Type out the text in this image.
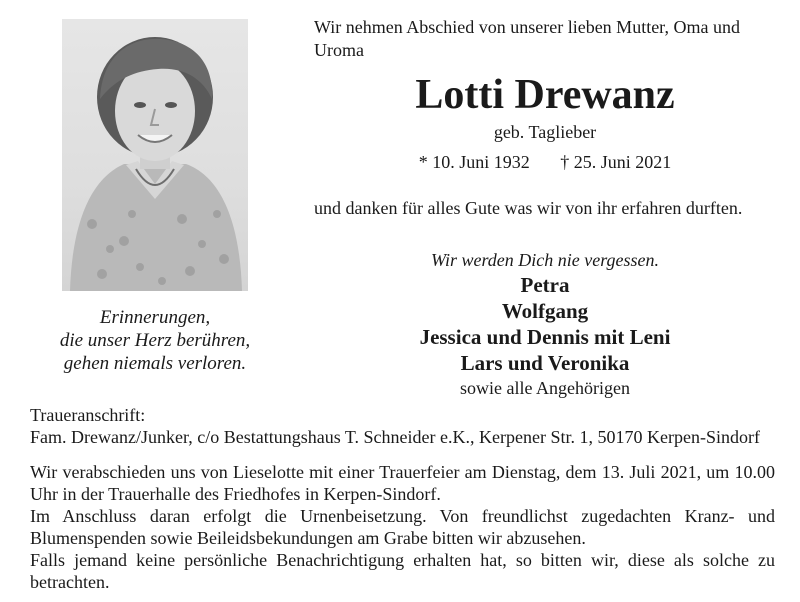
Erinnerungen,
die unser Herz berühren,
gehen niemals verloren.
Wir nehmen Abschied von unserer lieben Mutter, Oma und Uroma
Lotti Drewanz
geb. Taglieber
* 10. Juni 1932 † 25. Juni 2021
und danken für alles Gute was wir von ihr erfahren durften.
Wir werden Dich nie vergessen.
Petra
Wolfgang
Jessica und Dennis mit Leni
Lars und Veronika
sowie alle Angehörigen
Traueranschrift:
Fam. Drewanz/Junker, c/o Bestattungshaus T. Schneider e.K., Kerpener Str. 1, 50170 Kerpen-Sindorf

Wir verabschieden uns von Lieselotte mit einer Trauerfeier am Dienstag, dem 13. Juli 2021, um 10.00 Uhr in der Trauerhalle des Friedhofes in Kerpen-Sindorf.

Im Anschluss daran erfolgt die Urnenbeisetzung. Von freundlichst zugedachten Kranz- und Blumenspenden sowie Beileidsbekundungen am Grabe bitten wir abzusehen.

Falls jemand keine persönliche Benachrichtigung erhalten hat, so bitten wir, diese als solche zu betrachten.
